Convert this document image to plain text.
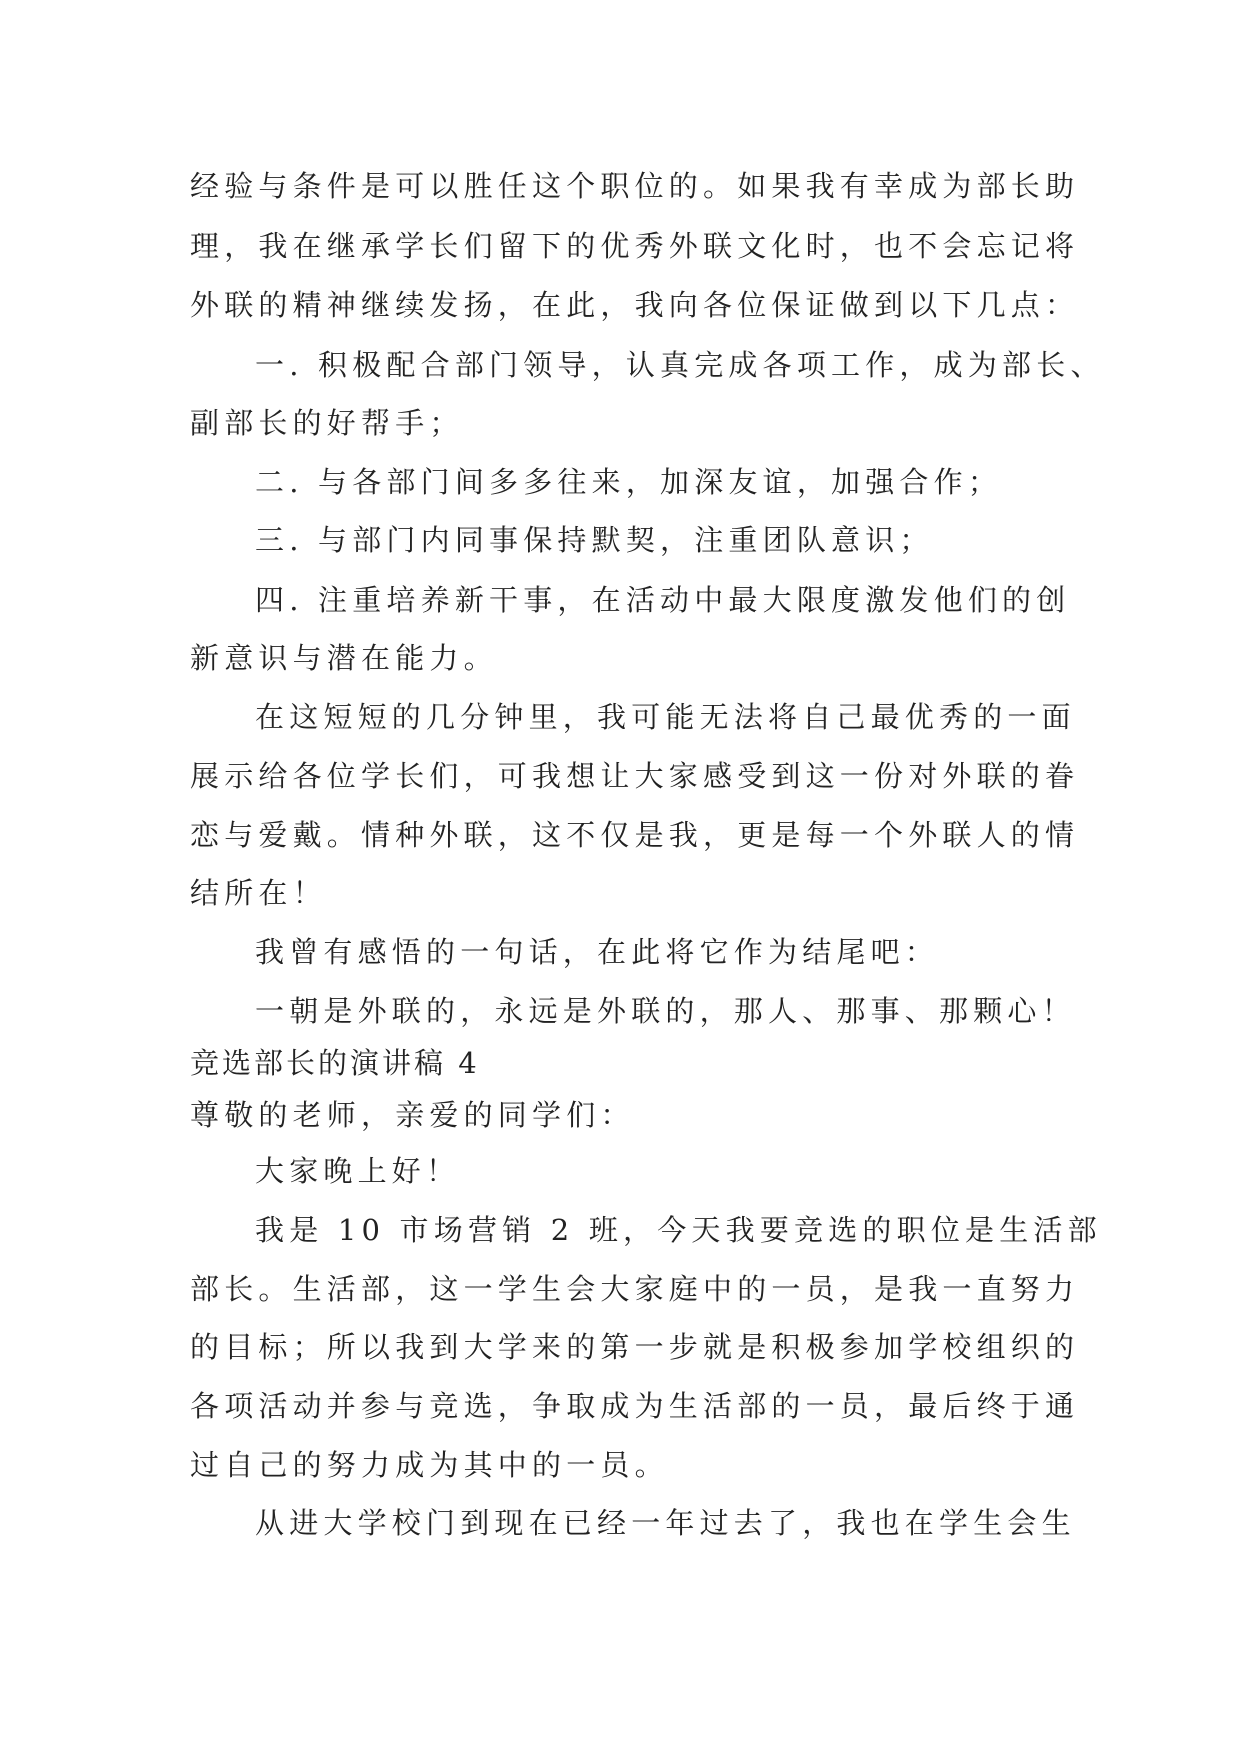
经验与条件是可以胜任这个职位的。如果我有幸成为部长助
理，我在继承学长们留下的优秀外联文化时，也不会忘记将
外联的精神继续发扬，在此，我向各位保证做到以下几点：
一. 积极配合部门领导，认真完成各项工作，成为部长、
副部长的好帮手；
二. 与各部门间多多往来，加深友谊，加强合作；
三. 与部门内同事保持默契，注重团队意识；
四. 注重培养新干事，在活动中最大限度激发他们的创
新意识与潜在能力。
在这短短的几分钟里，我可能无法将自己最优秀的一面
展示给各位学长们，可我想让大家感受到这一份对外联的眷
恋与爱戴。情种外联，这不仅是我，更是每一个外联人的情
结所在！
我曾有感悟的一句话，在此将它作为结尾吧：
一朝是外联的，永远是外联的，那人、那事、那颗心！
竞选部长的演讲稿 4
尊敬的老师，亲爱的同学们：
大家晚上好！
我是 10 市场营销 2 班，今天我要竞选的职位是生活部
部长。生活部，这一学生会大家庭中的一员，是我一直努力
的目标；所以我到大学来的第一步就是积极参加学校组织的
各项活动并参与竞选，争取成为生活部的一员，最后终于通
过自己的努力成为其中的一员。
从进大学校门到现在已经一年过去了，我也在学生会生
